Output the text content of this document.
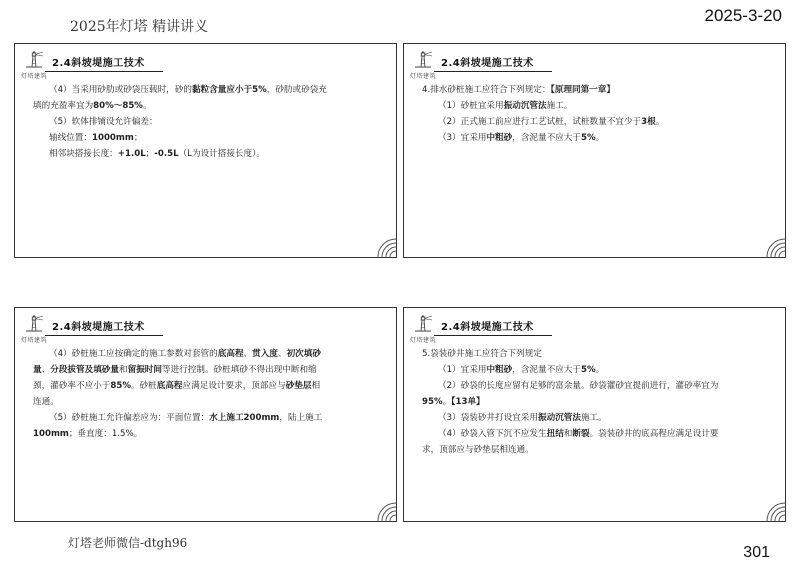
2025年灯塔 精讲讲义
2025-3-20
灯塔建筑
2.4斜坡堤施工技术

（4）当采用砂肋或砂袋压载时，砂的黏粒含量应小于5%，砂肋或砂袋充

填的充盈率宜为80%～85%。

（5）软体排铺设允许偏差：

轴线位置：1000mm；

相邻块搭接长度：+1.0L；-0.5L（L为设计搭接长度）。

灯塔建筑
2.4斜坡堤施工技术

4.排水砂桩施工应符合下列规定：【原理同第一章】

（1）砂桩宜采用振动沉管法施工。

（2）正式施工前应进行工艺试桩，试桩数量不宜少于3根。

（3）宜采用中粗砂，含泥量不应大于5%。

灯塔建筑
2.4斜坡堤施工技术

（4）砂桩施工应按确定的施工参数对套管的底高程、贯入度、初次填砂

量、分段拔管及填砂量和留振时间等进行控制。砂桩填砂不得出现中断和缩

颈，灌砂率不应小于85%。砂桩底高程应满足设计要求，顶部应与砂垫层相

连通。

（5）砂桩施工允许偏差应为：平面位置：水上施工200mm，陆上施工

100mm；垂直度：1.5%。

灯塔建筑
2.4斜坡堤施工技术

5.袋装砂井施工应符合下列规定

（1）宜采用中粗砂，含泥量不应大于5%。

（2）砂袋的长度应留有足够的富余量。砂袋灌砂宜提前进行，灌砂率宜为

95%。【13单】

（3）袋装砂井打设宜采用振动沉管法施工。

（4）砂袋入管下沉不应发生扭结和断裂。袋装砂井的底高程应满足设计要

求，顶部应与砂垫层相连通。

灯塔老师微信-dtgh96
301
